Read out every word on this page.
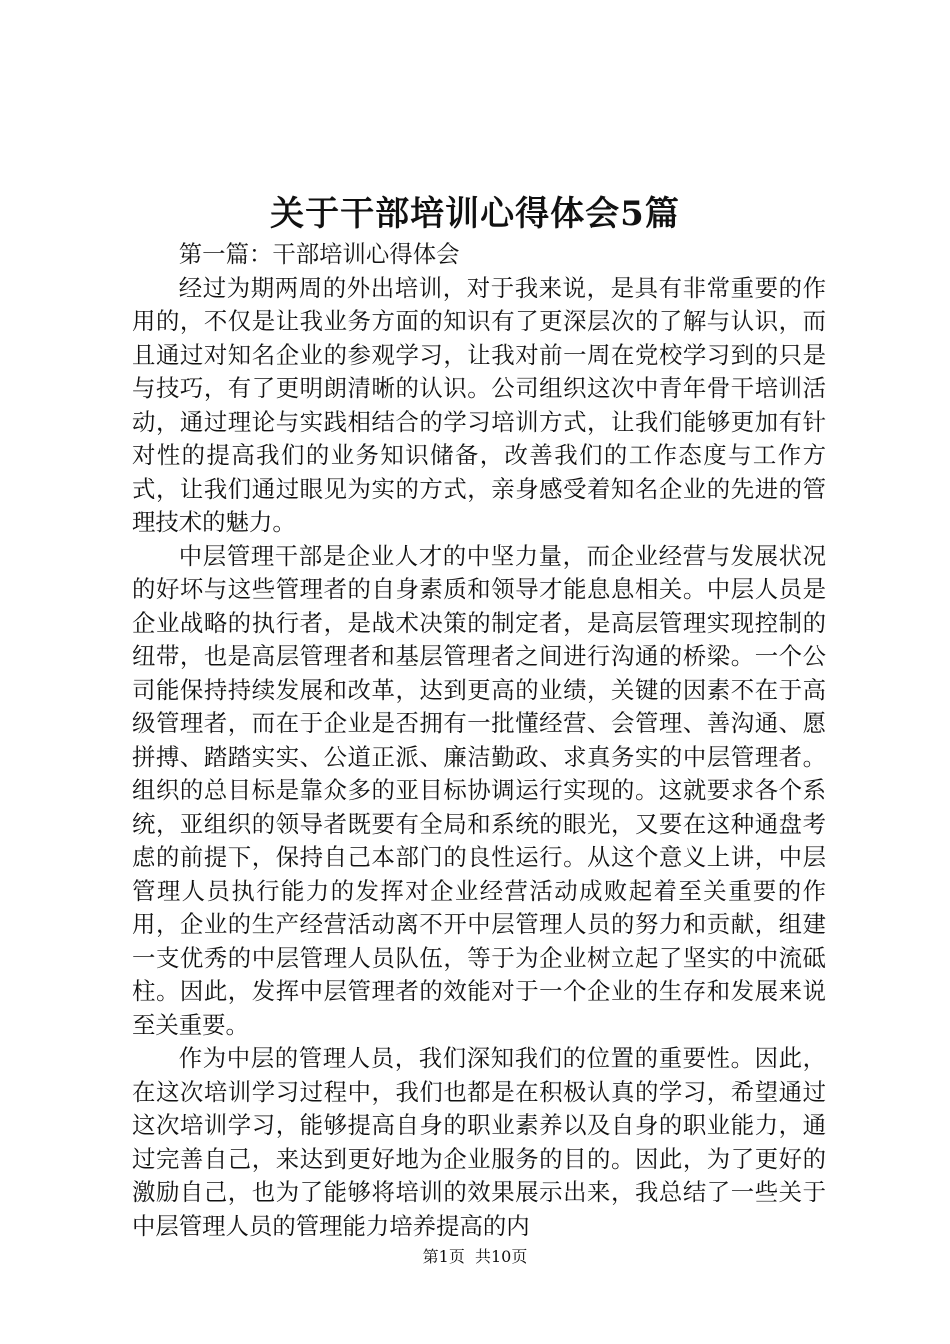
关于干部培训心得体会5篇

第一篇：干部培训心得体会

经过为期两周的外出培训，对于我来说，是具有非常重要的作用的，不仅是让我业务方面的知识有了更深层次的了解与认识，而且通过对知名企业的参观学习，让我对前一周在党校学习到的只是与技巧，有了更明朗清晰的认识。公司组织这次中青年骨干培训活动，通过理论与实践相结合的学习培训方式，让我们能够更加有针对性的提高我们的业务知识储备，改善我们的工作态度与工作方式，让我们通过眼见为实的方式，亲身感受着知名企业的先进的管理技术的魅力。

中层管理干部是企业人才的中坚力量，而企业经营与发展状况的好坏与这些管理者的自身素质和领导才能息息相关。中层人员是企业战略的执行者，是战术决策的制定者，是高层管理实现控制的纽带，也是高层管理者和基层管理者之间进行沟通的桥梁。一个公司能保持持续发展和改革，达到更高的业绩，关键的因素不在于高级管理者，而在于企业是否拥有一批懂经营、会管理、善沟通、愿拼搏、踏踏实实、公道正派、廉洁勤政、求真务实的中层管理者。组织的总目标是靠众多的亚目标协调运行实现的。这就要求各个系统，亚组织的领导者既要有全局和系统的眼光，又要在这种通盘考虑的前提下，保持自己本部门的良性运行。从这个意义上讲，中层管理人员执行能力的发挥对企业经营活动成败起着至关重要的作用，企业的生产经营活动离不开中层管理人员的努力和贡献，组建一支优秀的中层管理人员队伍，等于为企业树立起了坚实的中流砥柱。因此，发挥中层管理者的效能对于一个企业的生存和发展来说至关重要。

作为中层的管理人员，我们深知我们的位置的重要性。因此，在这次培训学习过程中，我们也都是在积极认真的学习，希望通过这次培训学习，能够提高自身的职业素养以及自身的职业能力，通过完善自己，来达到更好地为企业服务的目的。因此，为了更好的激励自己，也为了能够将培训的效果展示出来，我总结了一些关于中层管理人员的管理能力培养提高的内

第1页  共10页
